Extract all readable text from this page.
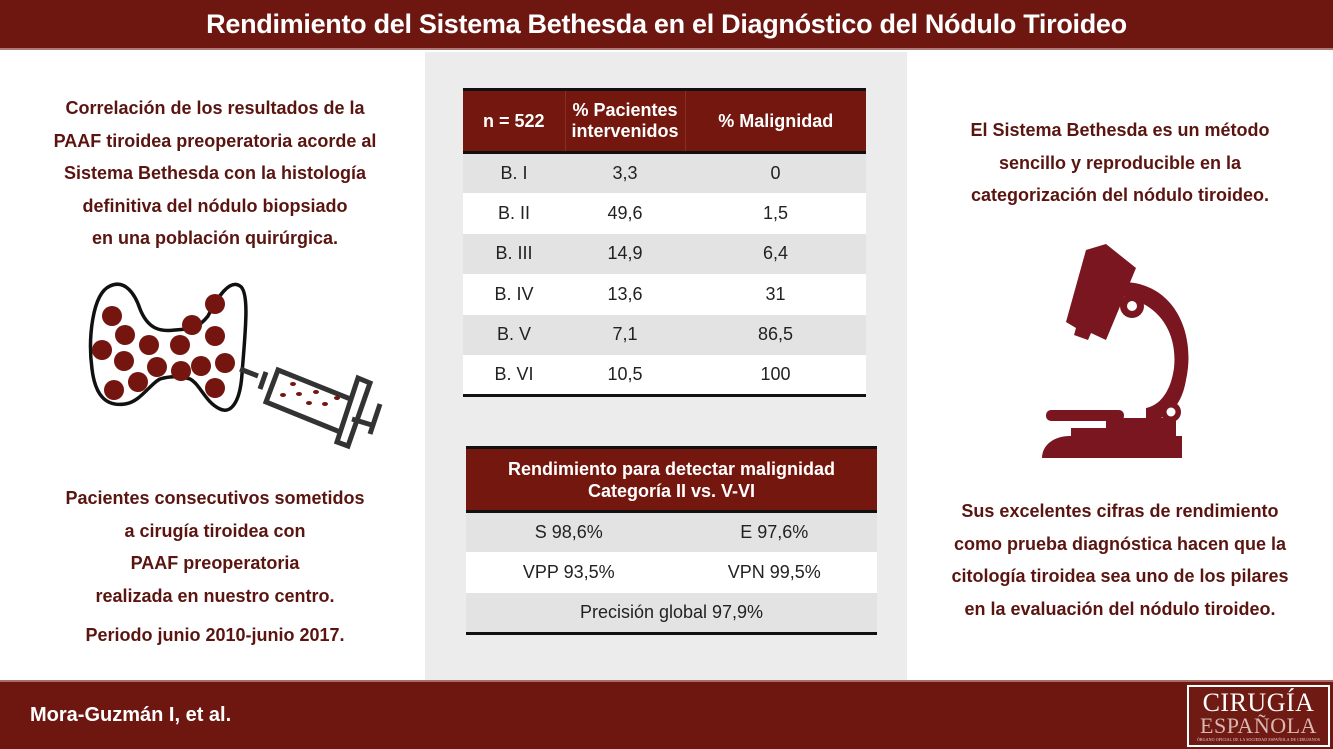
Rendimiento del Sistema Bethesda en el Diagnóstico del Nódulo Tiroideo
Correlación de los resultados de la
PAAF tiroidea preoperatoria acorde al
Sistema Bethesda con la histología
definitiva del nódulo biopsiado
en una población quirúrgica.
Pacientes consecutivos sometidos
a cirugía tiroidea con
PAAF preoperatoria
realizada en nuestro centro.
Periodo junio 2010-junio 2017.
n = 522	% Pacientes intervenidos	% Malignidad
B. I	3,3	0
B. II	49,6	1,5
B. III	14,9	6,4
B. IV	13,6	31
B. V	7,1	86,5
B. VI	10,5	100
Rendimiento para detectar malignidad
Categoría II vs. V-VI	

S 98,6%	E 97,6%
VPP 93,5%	VPN 99,5%
Precisión global 97,9%	
El Sistema Bethesda es un método
sencillo y reproducible en la
categorización del nódulo tiroideo.
Sus excelentes cifras de rendimiento
como prueba diagnóstica hacen que la
citología tiroidea sea uno de los pilares
en la evaluación del nódulo tiroideo.
Mora-Guzmán I, et al.	CIRUGÍA
ESPAÑOLA
ÓRGANO OFICIAL DE LA SOCIEDAD ESPAÑOLA DE CIRUJANOS
